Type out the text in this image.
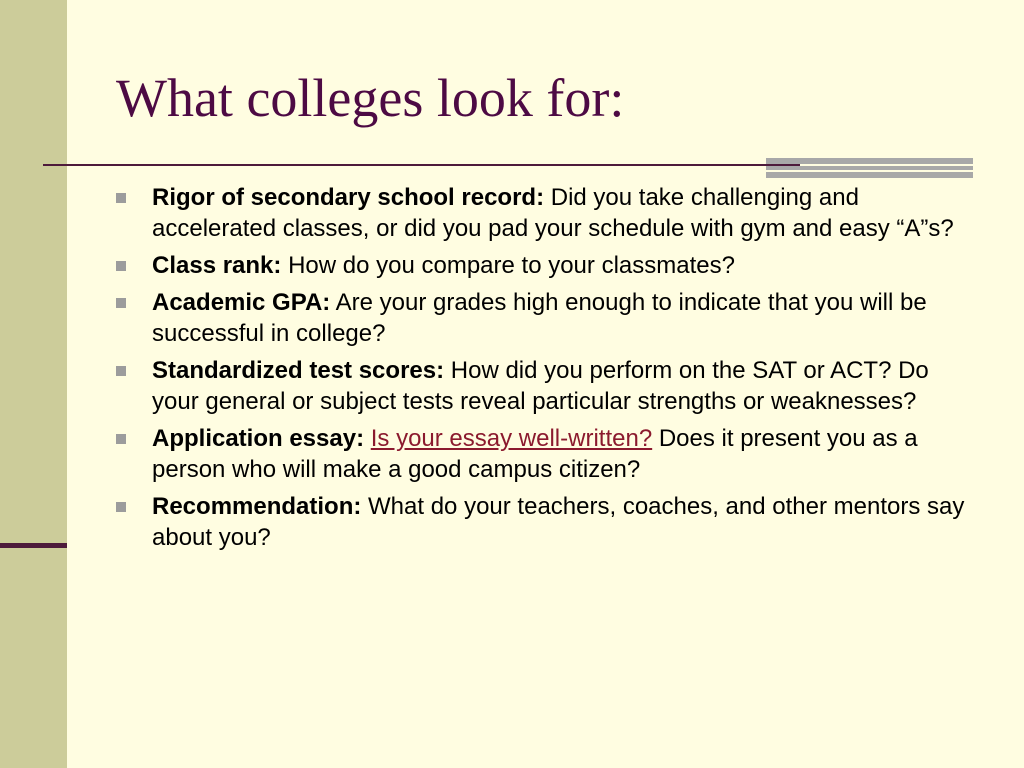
What colleges look for:
Rigor of secondary school record: Did you take challenging and accelerated classes, or did you pad your schedule with gym and easy “A”s?
Class rank: How do you compare to your classmates?
Academic GPA: Are your grades high enough to indicate that you will be successful in college?
Standardized test scores: How did you perform on the SAT or ACT? Do your general or subject tests reveal particular strengths or weaknesses?
Application essay: Is your essay well-written? Does it present you as a person who will make a good campus citizen?
Recommendation: What do your teachers, coaches, and other mentors say about you?
